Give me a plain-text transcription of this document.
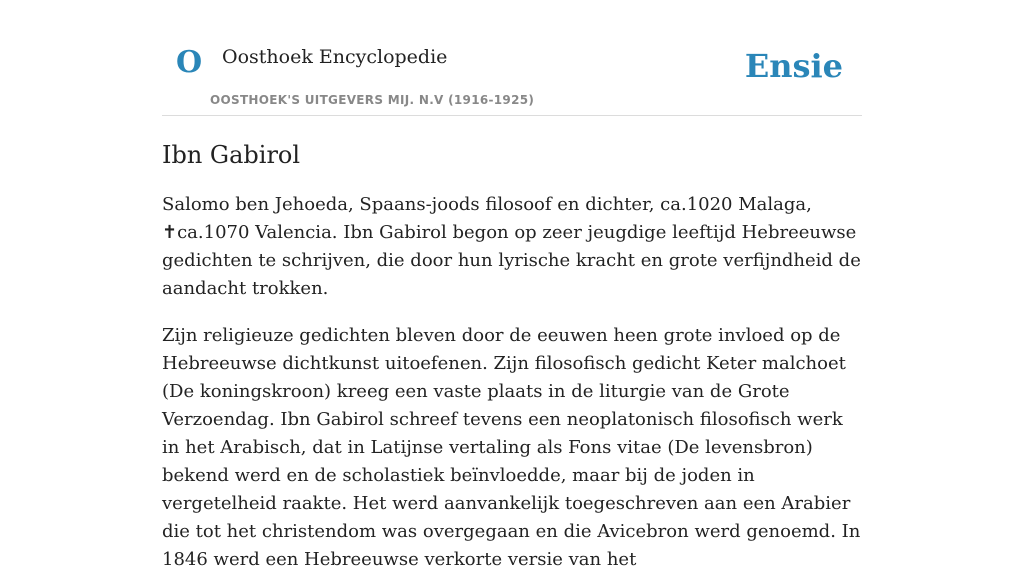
O Oosthoek Encyclopedie
OOSTHOEK'S UITGEVERS MIJ. N.V (1916-1925)
Ensie
Ibn Gabirol

Salomo ben Jehoeda, Spaans-joods filosoof en dichter, ca.1020 Malaga, ✝ca.1070 Valencia. Ibn Gabirol begon op zeer jeugdige leeftijd Hebreeuwse gedichten te schrijven, die door hun lyrische kracht en grote verfijndheid de aandacht trokken.

Zijn religieuze gedichten bleven door de eeuwen heen grote invloed op de Hebreeuwse dichtkunst uitoefenen. Zijn filosofisch gedicht Keter malchoet (De koningskroon) kreeg een vaste plaats in de liturgie van de Grote Verzoendag. Ibn Gabirol schreef tevens een neoplatonisch filosofisch werk in het Arabisch, dat in Latijnse vertaling als Fons vitae (De levensbron) bekend werd en de scholastiek beïnvloedde, maar bij de joden in vergetelheid raakte. Het werd aanvankelijk toegeschreven aan een Arabier die tot het christendom was overgegaan en die Avicebron werd genoemd. In 1846 werd een Hebreeuwse verkorte versie van het
